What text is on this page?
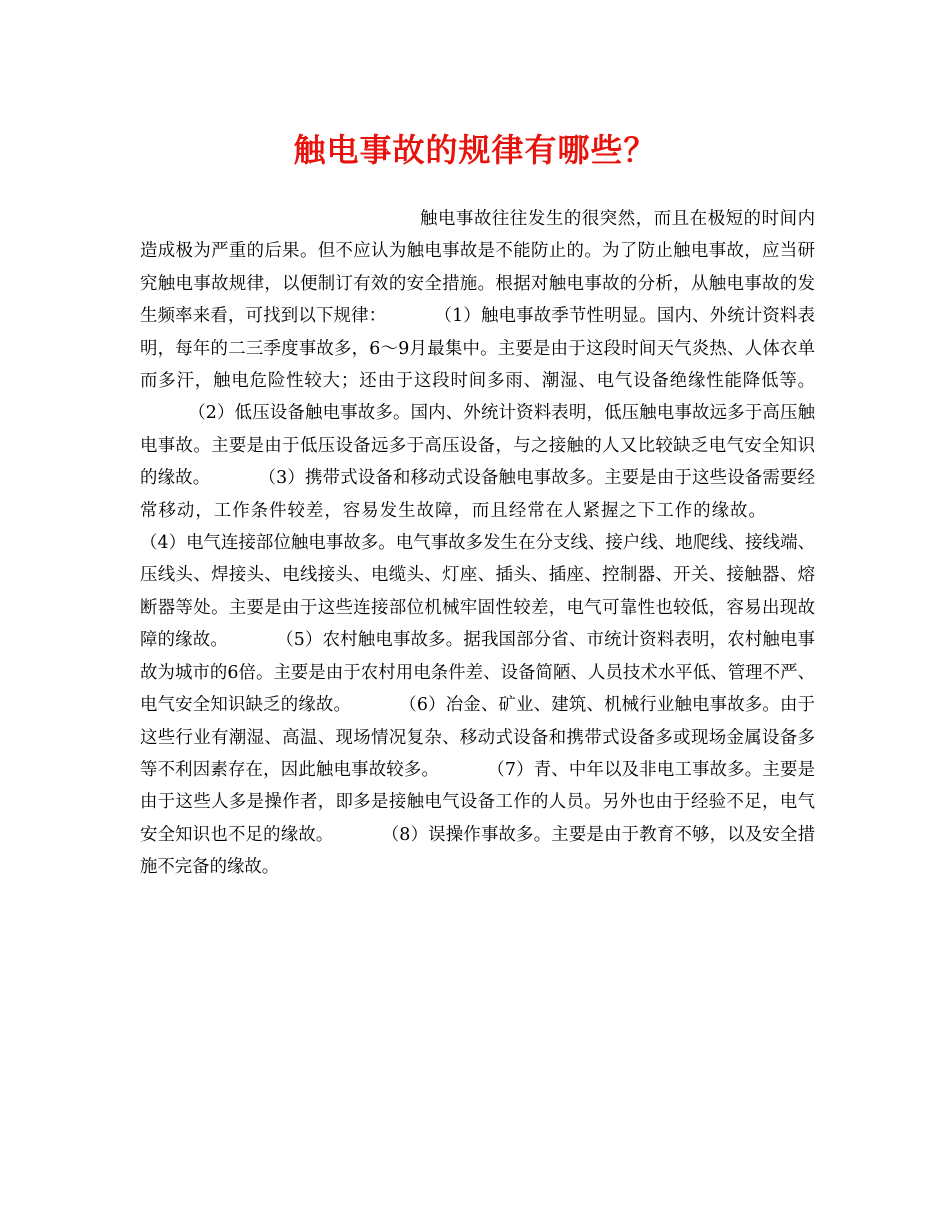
触电事故的规律有哪些？

触电事故往往发生的很突然，而且在极短的时间内造成极为严重的后果。但不应认为触电事故是不能防止的。为了防止触电事故，应当研究触电事故规律，以便制订有效的安全措施。根据对触电事故的分析，从触电事故的发生频率来看，可找到以下规律：	（1）触电事故季节性明显。国内、外统计资料表明，每年的二三季度事故多，6～9月最集中。主要是由于这段时间天气炎热、人体衣单而多汗，触电危险性较大；还由于这段时间多雨、潮湿、电气设备绝缘性能降低等。（2）低压设备触电事故多。国内、外统计资料表明，低压触电事故远多于高压触电事故。主要是由于低压设备远多于高压设备，与之接触的人又比较缺乏电气安全知识的缘故。	（3）携带式设备和移动式设备触电事故多。主要是由于这些设备需要经常移动，工作条件较差，容易发生故障，而且经常在人紧握之下工作的缘故。（4）电气连接部位触电事故多。电气事故多发生在分支线、接户线、地爬线、接线端、压线头、焊接头、电线接头、电缆头、灯座、插头、插座、控制器、开关、接触器、熔断器等处。主要是由于这些连接部位机械牢固性较差，电气可靠性也较低，容易出现故障的缘故。	（5）农村触电事故多。据我国部分省、市统计资料表明，农村触电事故为城市的6倍。主要是由于农村用电条件差、设备简陋、人员技术水平低、管理不严、电气安全知识缺乏的缘故。	（6）冶金、矿业、建筑、机械行业触电事故多。由于这些行业有潮湿、高温、现场情况复杂、移动式设备和携带式设备多或现场金属设备多等不利因素存在，因此触电事故较多。	（7）青、中年以及非电工事故多。主要是由于这些人多是操作者，即多是接触电气设备工作的人员。另外也由于经验不足，电气安全知识也不足的缘故。	（8）误操作事故多。主要是由于教育不够，以及安全措施不完备的缘故。
